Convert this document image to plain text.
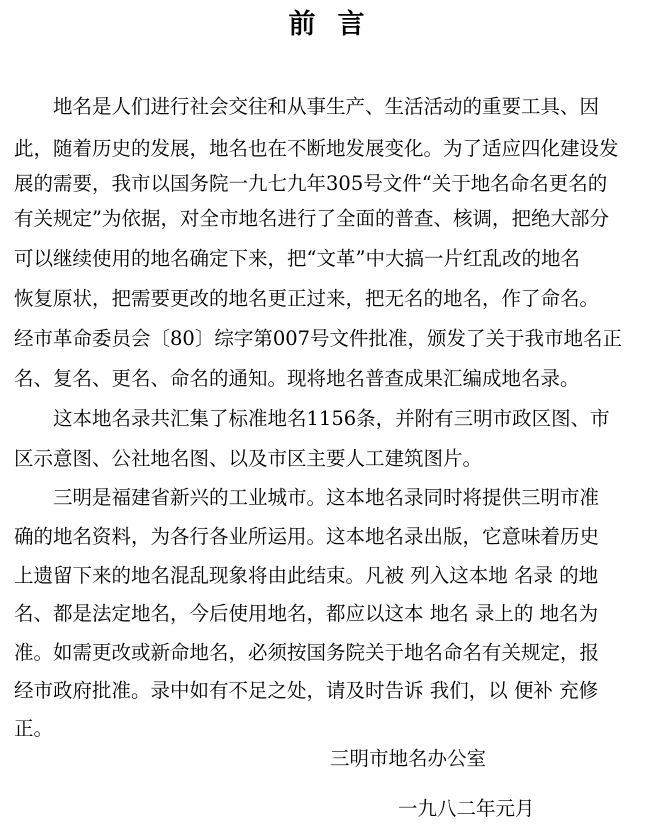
前言
　　地名是人们进行社会交往和从事生产、生活活动的重要工具、因
此，随着历史的发展，地名也在不断地发展变化。为了适应四化建设发
展的需要，我市以国务院一九七九年305号文件“关于地名命名更名的
有关规定”为依据，对全市地名进行了全面的普查、核调，把绝大部分
可以继续使用的地名确定下来，把“文革”中大搞一片红乱改的地名
恢复原状，把需要更改的地名更正过来，把无名的地名，作了命名。
经市革命委员会〔80〕综字第007号文件批准，颁发了关于我市地名正
名、复名、更名、命名的通知。现将地名普查成果汇编成地名录。
　　这本地名录共汇集了标准地名1156条，并附有三明市政区图、市
区示意图、公社地名图、以及市区主要人工建筑图片。
　　三明是福建省新兴的工业城市。这本地名录同时将提供三明市准
确的地名资料，为各行各业所运用。这本地名录出版，它意味着历史
上遗留下来的地名混乱现象将由此结束。凡被 列入这本地 名录 的地
名、都是法定地名，今后使用地名，都应以这本 地名 录上的 地名为
准。如需更改或新命地名，必须按国务院关于地名命名有关规定，报
经市政府批准。录中如有不足之处，请及时告诉 我们，以 便补 充修
正。
三明市地名办公室
一九八二年元月
